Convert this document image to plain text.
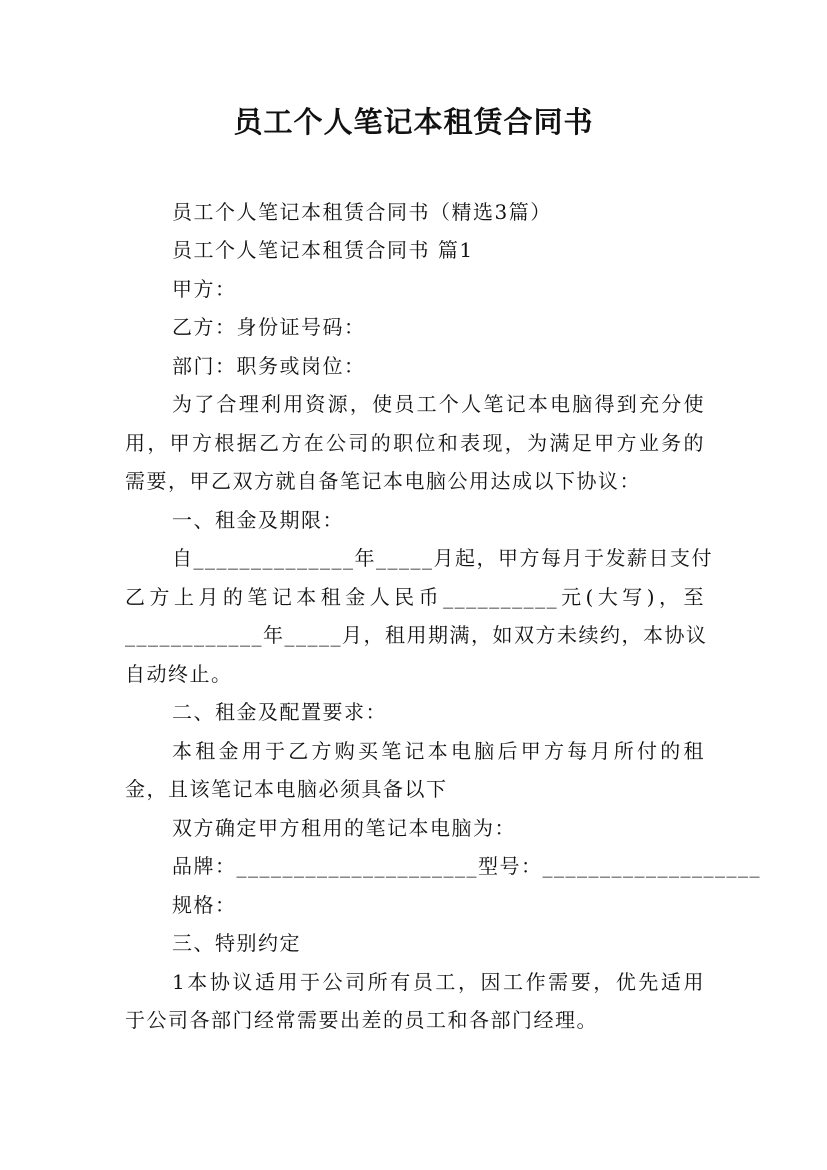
员工个人笔记本租赁合同书
员工个人笔记本租赁合同书（精选3篇）
员工个人笔记本租赁合同书 篇1
甲方：
乙方：身份证号码：
部门：职务或岗位：
为了合理利用资源，使员工个人笔记本电脑得到充分使
用，甲方根据乙方在公司的职位和表现，为满足甲方业务的
需要，甲乙双方就自备笔记本电脑公用达成以下协议：
一、租金及期限：
自______________年_____月起，甲方每月于发薪日支付
乙方上月的笔记本租金人民币__________元(大写)，至
____________年_____月，租用期满，如双方未续约，本协议
自动终止。
二、租金及配置要求：
本租金用于乙方购买笔记本电脑后甲方每月所付的租
金，且该笔记本电脑必须具备以下
双方确定甲方租用的笔记本电脑为：
品牌：_____________________型号：___________________
规格：
三、特别约定
1本协议适用于公司所有员工，因工作需要，优先适用
于公司各部门经常需要出差的员工和各部门经理。
